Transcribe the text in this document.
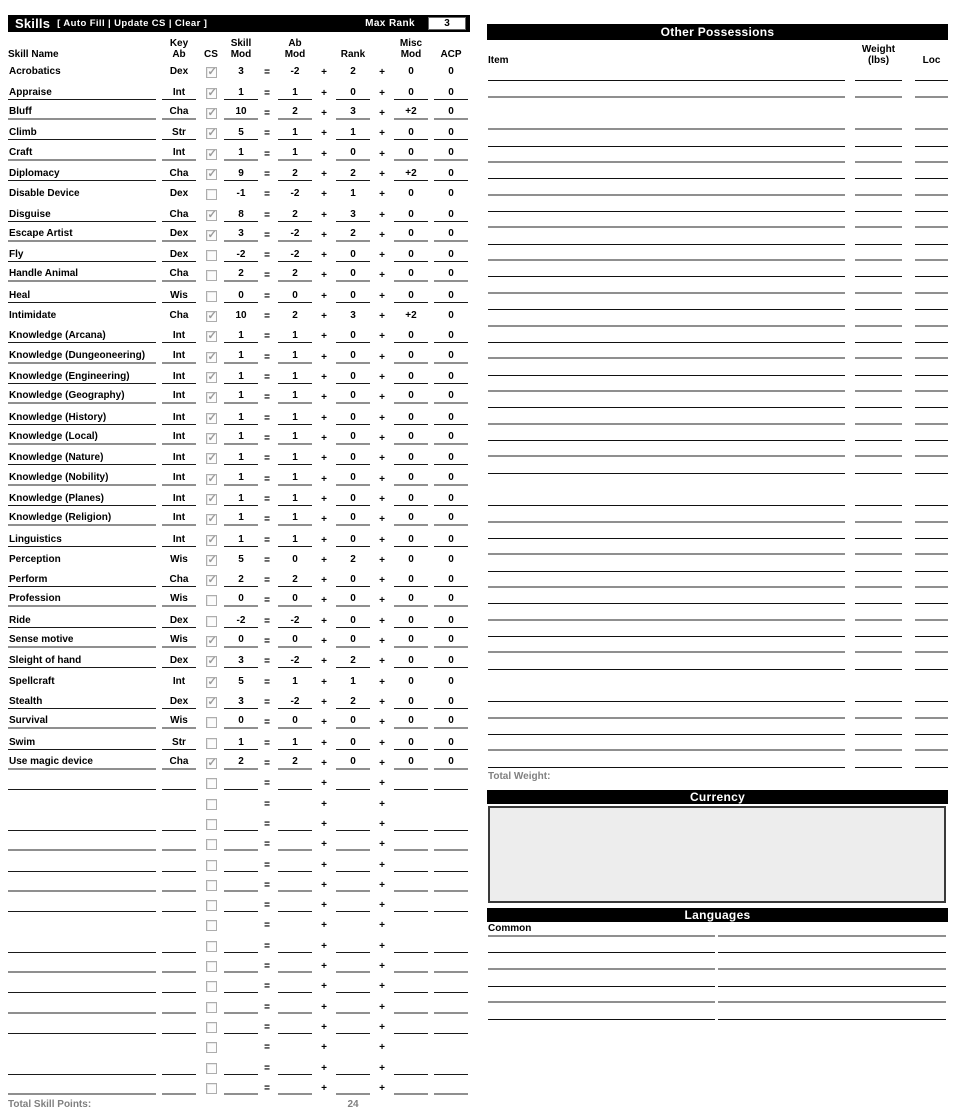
Skills [ Auto Fill | Update CS | Clear ]	Max Rank	3
Skill Name
Key
Ab	CS
Skill
Mod
Ab
Mod	Rank
Misc
Mod	ACP
Acrobatics	Dex ✓	3	=	-2	+	2	+	0	0
Appraise	Int ✓	1	=	1	+	0	+	0	0
Bluff	Cha ✓	10	=	2	+	3	+	+2	0
Climb	Str ✓	5	=	1	+	1	+	0	0
Craft	Int ✓	1	=	1	+	0	+	0	0
Diplomacy	Cha ✓	9	=	2	+	2	+	+2	0
Disable Device	Dex	-1	=	-2	+	1	+	0	0
Disguise	Cha ✓	8	=	2	+	3	+	0	0
Escape Artist	Dex ✓	3	=	-2	+	2	+	0	0
Fly	Dex	-2	=	-2	+	0	+	0	0
Handle Animal	Cha	2	=	2	+	0	+	0	0
Heal	Wis	0	=	0	+	0	+	0	0
Intimidate	Cha ✓	10	=	2	+	3	+	+2	0
Knowledge (Arcana)	Int ✓	1	=	1	+	0	+	0	0
Knowledge (Dungeoneering)	Int ✓	1	=	1	+	0	+	0	0
Knowledge (Engineering)	Int ✓	1	=	1	+	0	+	0	0
Knowledge (Geography)	Int ✓	1	=	1	+	0	+	0	0
Knowledge (History)	Int ✓	1	=	1	+	0	+	0	0
Knowledge (Local)	Int ✓	1	=	1	+	0	+	0	0
Knowledge (Nature)	Int ✓	1	=	1	+	0	+	0	0
Knowledge (Nobility)	Int ✓	1	=	1	+	0	+	0	0
Knowledge (Planes)	Int ✓	1	=	1	+	0	+	0	0
Knowledge (Religion)	Int ✓	1	=	1	+	0	+	0	0
Linguistics	Int ✓	1	=	1	+	0	+	0	0
Perception	Wis ✓	5	=	0	+	2	+	0	0
Perform	Cha ✓	2	=	2	+	0	+	0	0
Profession	Wis	0	=	0	+	0	+	0	0
Ride	Dex	-2	=	-2	+	0	+	0	0
Sense motive	Wis ✓	0	=	0	+	0	+	0	0
Sleight of hand	Dex ✓	3	=	-2	+	2	+	0	0
Spellcraft	Int ✓	5	=	1	+	1	+	0	0
Stealth	Dex ✓	3	=	-2	+	2	+	0	0
Survival	Wis	0	=	0	+	0	+	0	0
Swim	Str	1	=	1	+	0	+	0	0
Use magic device	Cha ✓	2	=	2	+	0	+	0	0
=	+	+
=	+	+
=	+	+
=	+	+
=	+	+
=	+	+
=	+	+
=	+	+
=	+	+
=	+	+
=	+	+
=	+	+
=	+	+
=	+	+
=	+	+
=	+	+
Total Skill Points:	24
Other Possessions
Item
Weight
(lbs)	Loc
Total Weight:
Currency
Languages
Common
